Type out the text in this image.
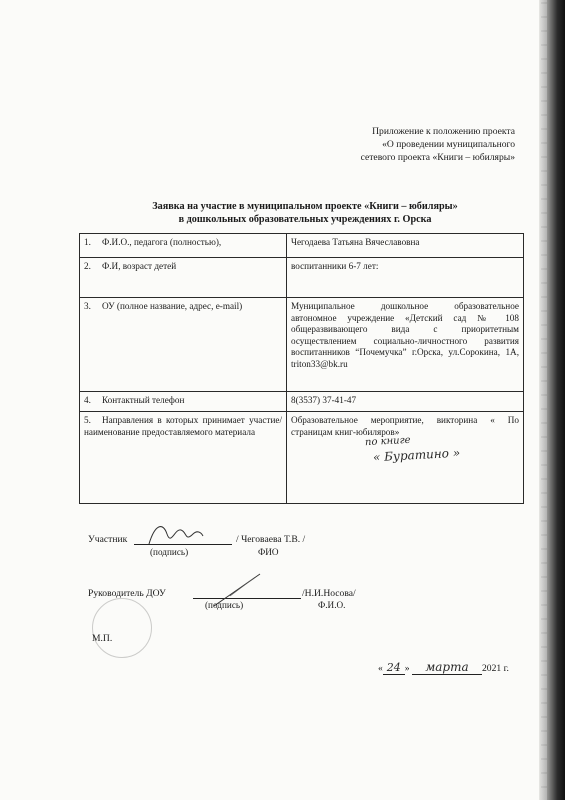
Приложение к положению проекта
«О проведении муниципального
сетевого проекта «Книги – юбиляры»
Заявка на участие в муниципальном проекте «Книги – юбиляры»
в дошкольных образовательных учреждениях г. Орска
1. Ф.И.О., педагога (полностью),	Чегодаева Татьяна Вячеславовна
2. Ф.И, возраст детей	воспитанники 6-7 лет:
3. ОУ (полное название, адрес, e-mail)	Муниципальное дошкольное образовательное автономное учреждение «Детский сад № 108 общеразвивающего вида с приоритетным осуществлением социально-личностного развития воспитанников “Почемучка” г.Орска, ул.Сорокина, 1А, triton33@bk.ru
4. Контактный телефон	8(3537) 37-41-47
5. Направления в которых принимает участие/наименование предоставляемого материала	Образовательное мероприятие, викторина « По страницам книг-юбиляров»
по книге
« Буратино »
Участник	/ Чеговаева Т.В. /
(подпись)	ФИО
Руководитель ДОУ	/Н.И.Носова/
(подпись)	Ф.И.О.
М.П.
« 24 » марта 2021 г.
